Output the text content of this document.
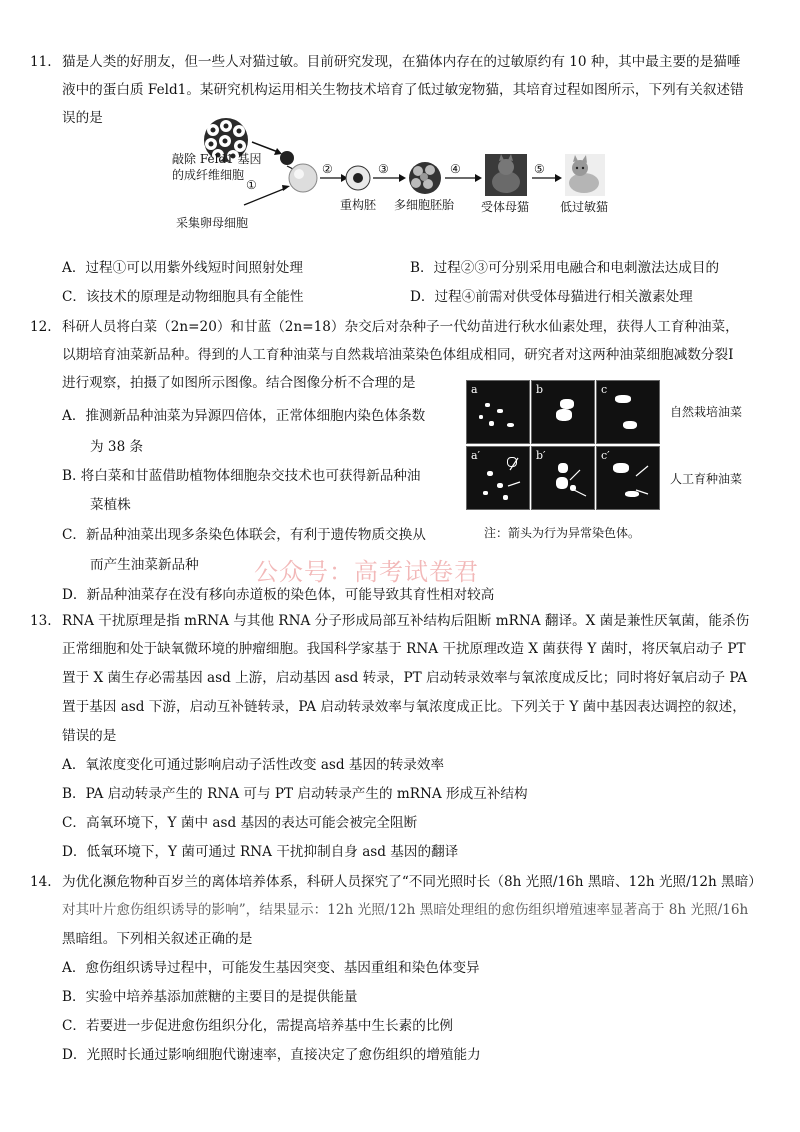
11. 猫是人类的好朋友，但一些人对猫过敏。目前研究发现，在猫体内存在的过敏原约有 10 种，其中最主要的是猫唾
液中的蛋白质 Feld1。某研究机构运用相关生物技术培育了低过敏宠物猫，其培育过程如图所示，下列有关叙述错
误的是
敲除 Feld1 基因
的成纤维细胞
①
采集卵母细胞
②	③	④	⑤
重构胚 多细胞胚胎 受体母猫	低过敏猫
A．过程①可以用紫外线短时间照射处理	B．过程②③可分别采用电融合和电刺激法达成目的
C．该技术的原理是动物细胞具有全能性	D．过程④前需对供受体母猫进行相关激素处理
12. 科研人员将白菜（2n=20）和甘蓝（2n=18）杂交后对杂种子一代幼苗进行秋水仙素处理，获得人工育种油菜，
以期培育油菜新品种。得到的人工育种油菜与自然栽培油菜染色体组成相同，研究者对这两种油菜细胞减数分裂I
进行观察，拍摄了如图所示图像。结合图像分析不合理的是
A．推测新品种油菜为异源四倍体，正常体细胞内染色体条数
为 38 条
B. 将白菜和甘蓝借助植物体细胞杂交技术也可获得新品种油
菜植株
C．新品种油菜出现多条染色体联会，有利于遗传物质交换从
而产生油菜新品种
D．新品种油菜存在没有移向赤道板的染色体，可能导致其育性相对较高
a	b	c
a′	b′	c′
自然栽培油菜
人工育种油菜
注：箭头为行为异常染色体。
公众号：高考试卷君
13. RNA 干扰原理是指 mRNA 与其他 RNA 分子形成局部互补结构后阻断 mRNA 翻译。X 菌是兼性厌氧菌，能杀伤
正常细胞和处于缺氧微环境的肿瘤细胞。我国科学家基于 RNA 干扰原理改造 X 菌获得 Y 菌时，将厌氧启动子 PT
置于 X 菌生存必需基因 asd 上游，启动基因 asd 转录，PT 启动转录效率与氧浓度成反比；同时将好氧启动子 PA
置于基因 asd 下游，启动互补链转录，PA 启动转录效率与氧浓度成正比。下列关于 Y 菌中基因表达调控的叙述，
错误的是
A．氧浓度变化可通过影响启动子活性改变 asd 基因的转录效率
B．PA 启动转录产生的 RNA 可与 PT 启动转录产生的 mRNA 形成互补结构
C．高氧环境下，Y 菌中 asd 基因的表达可能会被完全阻断
D．低氧环境下，Y 菌可通过 RNA 干扰抑制自身 asd 基因的翻译
14. 为优化濒危物种百岁兰的离体培养体系，科研人员探究了“不同光照时长（8h 光照/16h 黑暗、12h 光照/12h 黑暗）
对其叶片愈伤组织诱导的影响”，结果显示：12h 光照/12h 黑暗处理组的愈伤组织增殖速率显著高于 8h 光照/16h
黑暗组。下列相关叙述正确的是
A．愈伤组织诱导过程中，可能发生基因突变、基因重组和染色体变异
B．实验中培养基添加蔗糖的主要目的是提供能量
C．若要进一步促进愈伤组织分化，需提高培养基中生长素的比例
D．光照时长通过影响细胞代谢速率，直接决定了愈伤组织的增殖能力
